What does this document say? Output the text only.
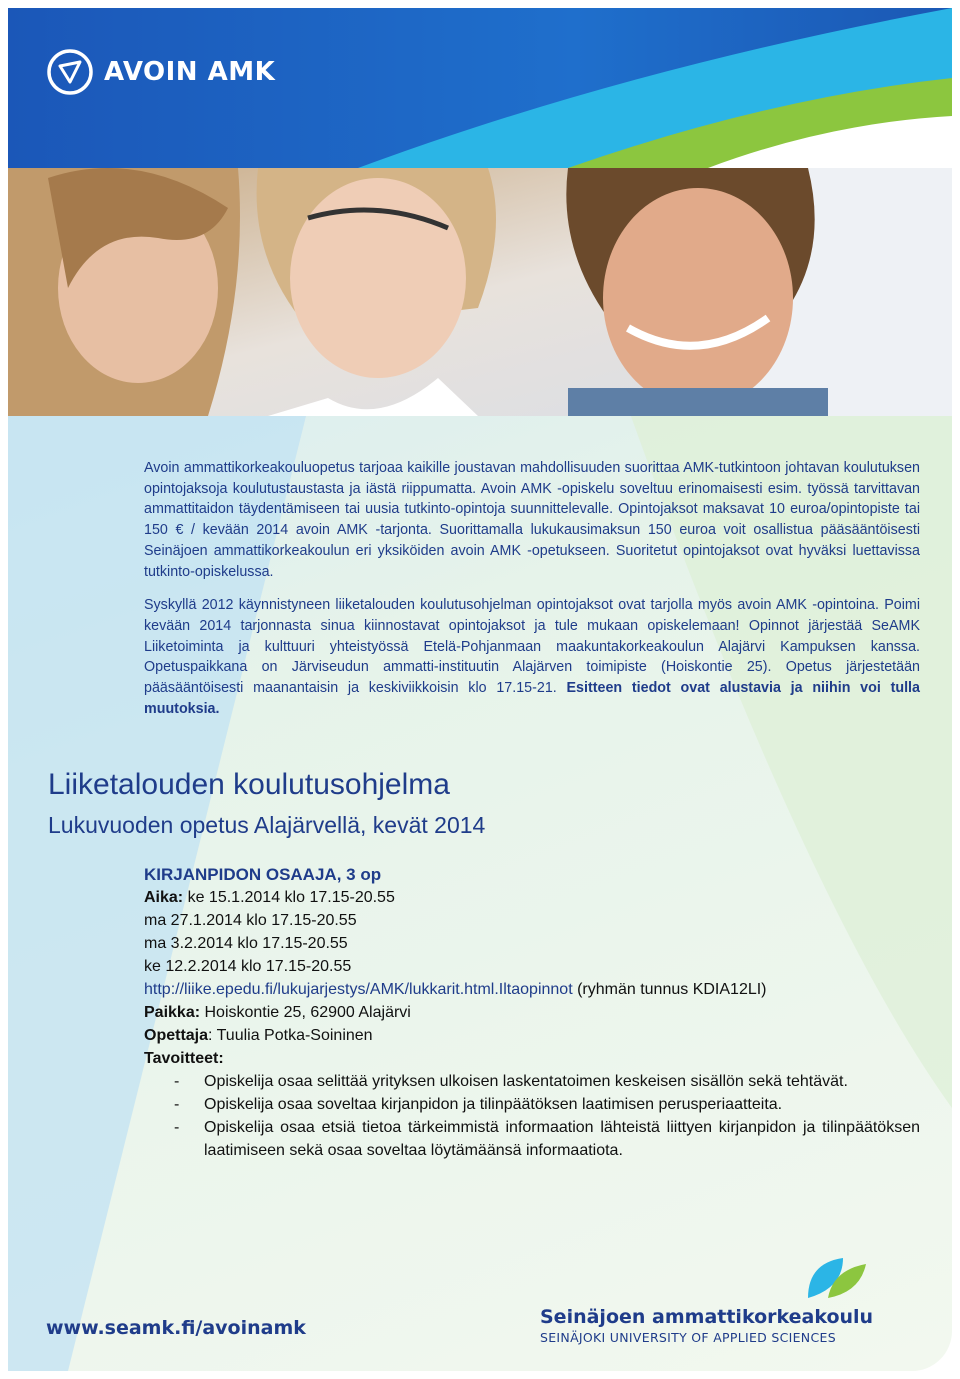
AVOIN AMK

Avoin ammattikorkeakouluopetus tarjoaa kaikille joustavan mahdollisuuden suorittaa AMK-tutkintoon johtavan koulutuksen opintojaksoja koulutustaustasta ja iästä riippumatta. Avoin AMK -opiskelu soveltuu erinomaisesti esim. työssä tarvittavan ammattitaidon täydentämiseen tai uusia tutkinto-opintoja suunnittelevalle. Opintojaksot maksavat 10 euroa/opintopiste tai 150 € / kevään 2014 avoin AMK -tarjonta. Suorittamalla lukukausimaksun 150 euroa voit osallistua pääsääntöisesti Seinäjoen ammattikorkeakoulun eri yksiköiden avoin AMK -opetukseen. Suoritetut opintojaksot ovat hyväksi luettavissa tutkinto-opiskelussa.

Syskyllä 2012 käynnistyneen liiketalouden koulutusohjelman opintojaksot ovat tarjolla myös avoin AMK -opintoina. Poimi kevään 2014 tarjonnasta sinua kiinnostavat opintojaksot ja tule mukaan opiskelemaan! Opinnot järjestää SeAMK Liiketoiminta ja kulttuuri yhteistyössä Etelä-Pohjanmaan maakuntakorkeakoulun Alajärvi Kampuksen kanssa. Opetuspaikkana on Järviseudun ammatti-instituutin Alajärven toimipiste (Hoiskontie 25). Opetus järjestetään pääsääntöisesti maanantaisin ja keskiviikkoisin klo 17.15-21. Esitteen tiedot ovat alustavia ja niihin voi tulla muutoksia.

Liiketalouden koulutusohjelma
Lukuvuoden opetus Alajärvellä, kevät 2014
KIRJANPIDON OSAAJA, 3 op
Aika: ke 15.1.2014 klo 17.15-20.55
ma 27.1.2014 klo 17.15-20.55
ma 3.2.2014 klo 17.15-20.55
ke 12.2.2014 klo 17.15-20.55
http://liike.epedu.fi/lukujarjestys/AMK/lukkarit.html.Iltaopinnot (ryhmän tunnus KDIA12LI)
Paikka: Hoiskontie 25, 62900 Alajärvi
Opettaja: Tuulia Potka-Soininen
Tavoitteet:
-	Opiskelija osaa selittää yrityksen ulkoisen laskentatoimen keskeisen sisällön sekä tehtävät.
-	Opiskelija osaa soveltaa kirjanpidon ja tilinpäätöksen laatimisen perusperiaatteita.
-	Opiskelija osaa etsiä tietoa tärkeimmistä informaation lähteistä liittyen kirjanpidon ja tilinpäätöksen laatimiseen sekä osaa soveltaa löytämäänsä informaatiota.
www.seamk.fi/avoinamk	Seinäjoen ammattikorkeakoulu
SEINÄJOKI UNIVERSITY OF APPLIED SCIENCES
